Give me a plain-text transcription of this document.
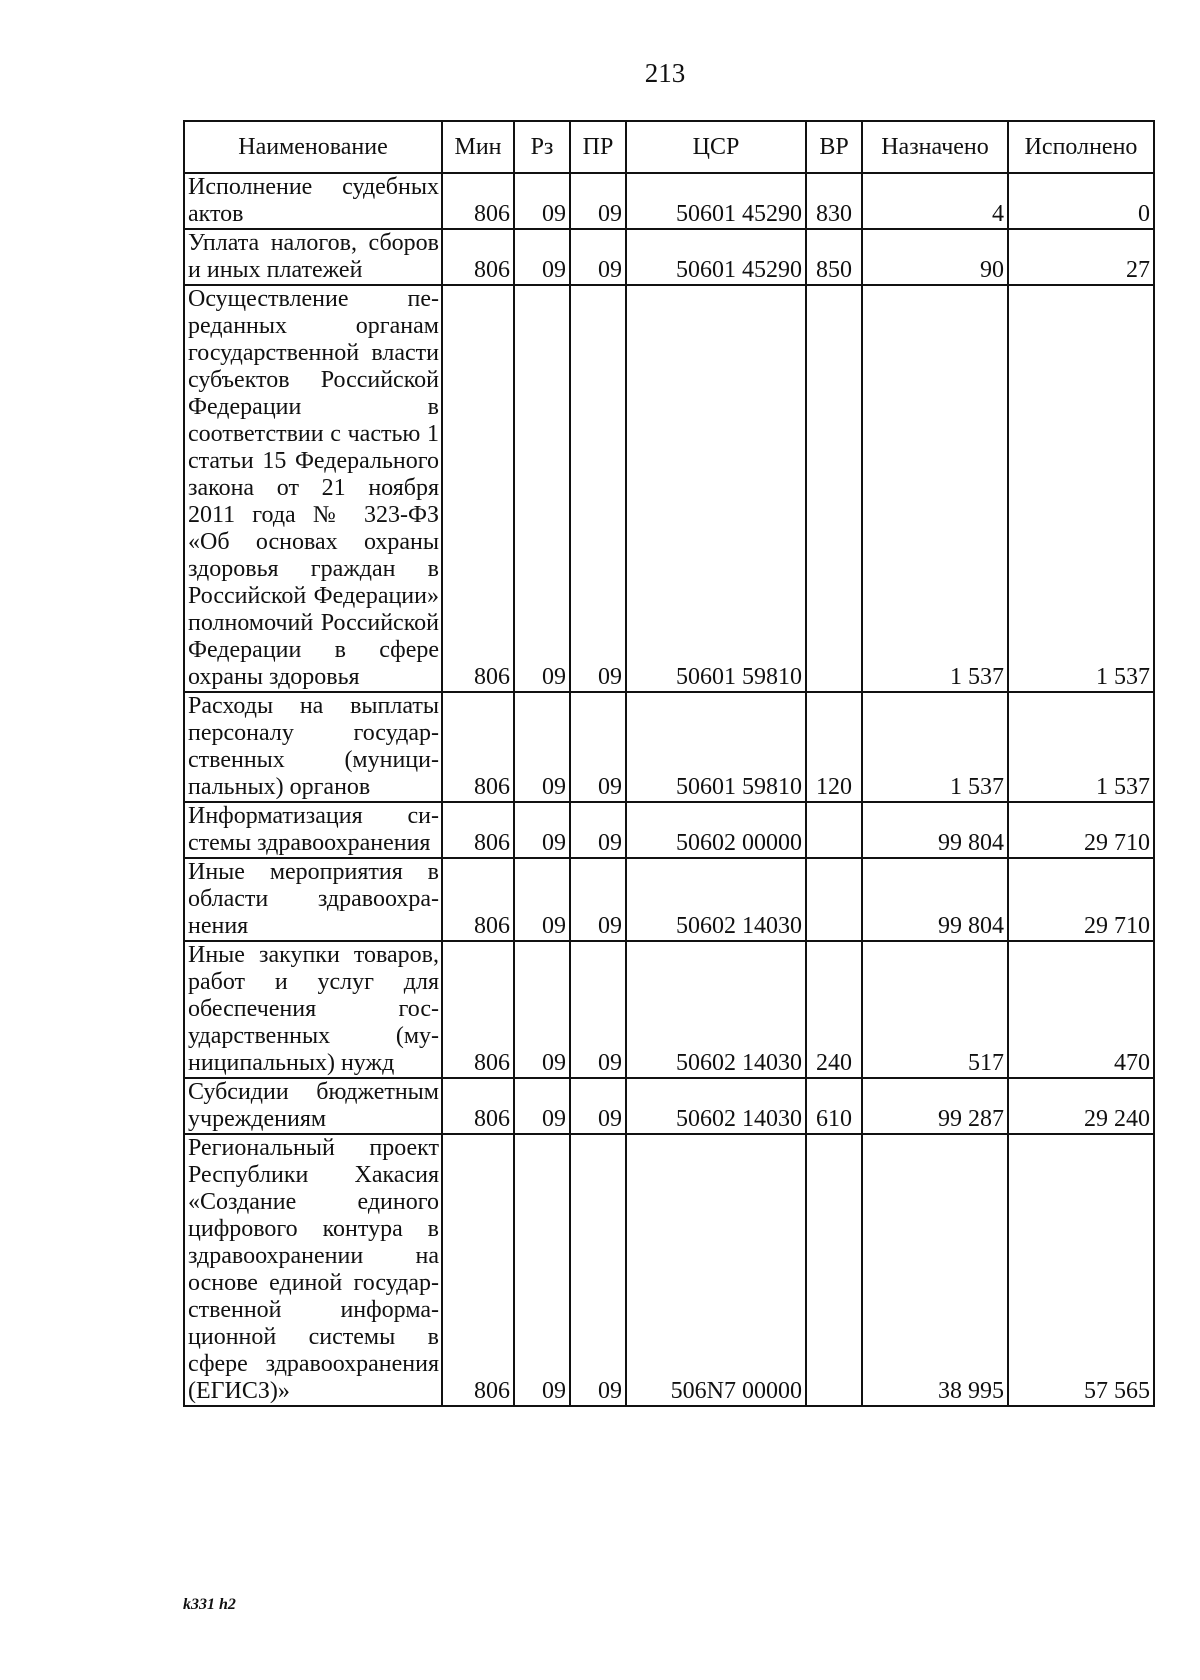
213
Наименование	Мин	Рз	ПР	ЦСР	ВР	Назначено	Исполнено
Исполнение судебных актов	806	09	09	50601 45290	830	4	0
Уплата налогов, сборов и иных платежей	806	09	09	50601 45290	850	90	27
Осуществление переданных органам государственной власти субъектов Российской Федерации в соответствии с частью 1 статьи 15 Федерального закона от 21 ноября 2011 года № 323-ФЗ «Об основах охраны здоровья граждан в Российской Федерации» полномочий Российской Федерации в сфере охраны здоровья	806	09	09	50601 59810		1 537	1 537
Расходы на выплаты персоналу государственных (муниципальных) органов	806	09	09	50601 59810	120	1 537	1 537
Информатизация системы здравоохранения	806	09	09	50602 00000		99 804	29 710
Иные мероприятия в области здравоохранения	806	09	09	50602 14030		99 804	29 710
Иные закупки товаров, работ и услуг для обеспечения государственных (муниципальных) нужд	806	09	09	50602 14030	240	517	470
Субсидии бюджетным учреждениям	806	09	09	50602 14030	610	99 287	29 240
Региональный проект Республики Хакасия «Создание единого цифрового контура в здравоохранении на основе единой государственной информационной системы в сфере здравоохранения (ЕГИСЗ)»	806	09	09	506N7 00000		38 995	57 565
k331 h2
